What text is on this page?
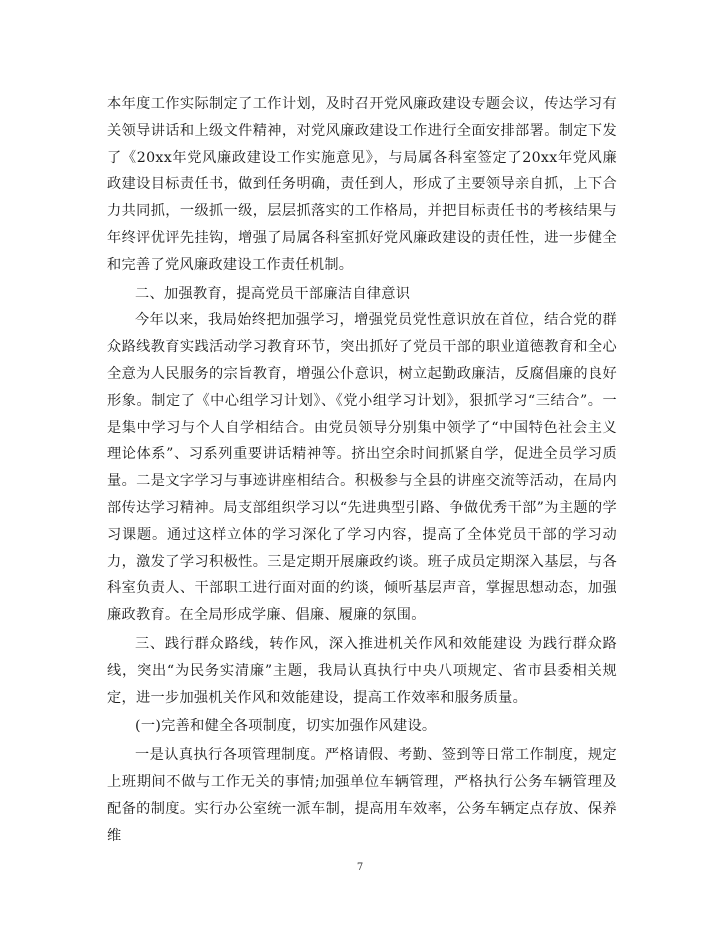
本年度工作实际制定了工作计划，及时召开党风廉政建设专题会议，传达学习有关领导讲话和上级文件精神，对党风廉政建设工作进行全面安排部署。制定下发了《20xx年党风廉政建设工作实施意见》，与局属各科室签定了20xx年党风廉政建设目标责任书，做到任务明确，责任到人，形成了主要领导亲自抓，上下合力共同抓，一级抓一级，层层抓落实的工作格局，并把目标责任书的考核结果与年终评优评先挂钩，增强了局属各科室抓好党风廉政建设的责任性，进一步健全和完善了党风廉政建设工作责任机制。

二、加强教育，提高党员干部廉洁自律意识

今年以来，我局始终把加强学习，增强党员党性意识放在首位，结合党的群众路线教育实践活动学习教育环节，突出抓好了党员干部的职业道德教育和全心全意为人民服务的宗旨教育，增强公仆意识，树立起勤政廉洁，反腐倡廉的良好形象。制定了《中心组学习计划》、《党小组学习计划》，狠抓学习“三结合”。一是集中学习与个人自学相结合。由党员领导分别集中领学了“中国特色社会主义理论体系”、习系列重要讲话精神等。挤出空余时间抓紧自学，促进全员学习质量。二是文字学习与事迹讲座相结合。积极参与全县的讲座交流等活动，在局内部传达学习精神。局支部组织学习以“先进典型引路、争做优秀干部”为主题的学习课题。通过这样立体的学习深化了学习内容，提高了全体党员干部的学习动力，激发了学习积极性。三是定期开展廉政约谈。班子成员定期深入基层，与各科室负责人、干部职工进行面对面的约谈，倾听基层声音，掌握思想动态，加强廉政教育。在全局形成学廉、倡廉、履廉的氛围。

三、践行群众路线，转作风，深入推进机关作风和效能建设 为践行群众路线，突出“为民务实清廉”主题，我局认真执行中央八项规定、省市县委相关规定，进一步加强机关作风和效能建设，提高工作效率和服务质量。

(一)完善和健全各项制度，切实加强作风建设。

一是认真执行各项管理制度。严格请假、考勤、签到等日常工作制度，规定上班期间不做与工作无关的事情;加强单位车辆管理，严格执行公务车辆管理及配备的制度。实行办公室统一派车制，提高用车效率，公务车辆定点存放、保养维

7
